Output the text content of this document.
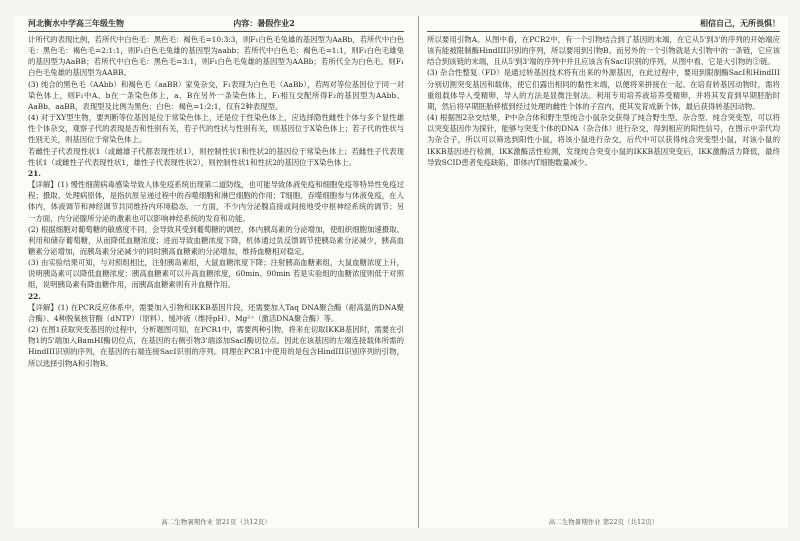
河北衡水中学高三年级生物	内容：暑假作业2

计所代的表现比例，若所代中白色毛：黑色毛：褐色毛=10:3:3，则F₁白色毛兔雄的基因型为AaBb，若所代中白色毛：黑色毛：褐色毛=2:1:1，则F₁白色毛兔雄的基因型为aabb；若所代中白色毛：褐色毛=1:1，则F₁白色毛雄兔的基因型为AaBB；若所代中白色毛：黑色毛=3:1，则F₁白色毛兔雄的基因型为AABb；若所代全为白色毛，则F₁白色毛兔雄的基因型为AABB。

(3) 纯合的黑色毛（AAbb）和褐色毛（aaBB）家兔杂交，F₁表现为白色毛（AaBb），若两对等位基因位于同一对染色体上，则F₁中A、b在一条染色体上，a、B在另外一条染色体上，F₁相互交配所得F₂的基因型为AAbb、AaBb、aaBB，表现型及比例为黑色：白色：褐色=1:2:1，仅有2种表现型。

(4) 对于XY型生物，要判断等位基因是位于常染色体上，还是位于性染色体上，应选择隐性雌性个体与多个显性雄性个体杂交，观察子代的表现是否和性别有关，若子代的性状与性别有关，则基因位于X染色体上；若子代的性状与性别无关，则基因位于常染色体上。

若雌性子代表现性状1（或雌雄子代都表现性状1），则控制性状1和性状2的基因位于常染色体上；若雌性子代表现性状1（或雌性子代表现性状1，雄性子代表现性状2），则控制性状1和性状2的基因位于X染色体上。

21.

【详解】(1) 慢性细菌病毒感染导致人体免疫系统出现第二道防线，也可能导致体液免疫和细胞免疫等特异性免疫过程；摄取、处理病原体，是指抗原呈递过程中的吞噬细胞和淋巴细胞的作用；T细胞、吞噬细胞参与体液免疫，在人体内，体液调节和神经调节共同维持内环境稳态，一方面，不少内分泌腺直接或间接地受中枢神经系统的调节；另一方面，内分泌腺所分泌的激素也可以影响神经系统的发育和功能。

(2) 根据细胞对葡萄糖的敏感度不同，会导致其受到葡萄糖的调控，体内胰岛素的分泌增加，使组织细胞加速摄取、利用和储存葡萄糖，从而降低血糖浓度；进而导致血糖浓度下降，机体通过负反馈调节使胰岛素分泌减少，胰高血糖素分泌增加，而胰岛素分泌减少的同时胰高血糖素的分泌增加，维持血糖相对稳定。

(3) 由实验结果可知，与对照组相比，注射胰岛素组，大鼠血糖浓度下降；注射胰高血糖素组，大鼠血糖浓度上升，说明胰岛素可以降低血糖浓度；胰高血糖素可以升高血糖浓度，60min、90min 若是实验组的血糖浓度则低于对照组，说明胰岛素有降血糖作用，而胰高血糖素则有升血糖作用。

22.

【详解】(1) 在PCR反应体系中，需要加入引物和IKKB基因片段，还需要加入Taq DNA聚合酶（耐高温的DNA聚合酶）、4种脱氧核苷酸（dNTP）（原料）、缓冲液（维持pH）、Mg²⁺（激活DNA聚合酶）等。

(2) 在图1获取突变基因的过程中，分析题图可知，在PCR1中，需要两种引物，将来在切取IKKB基因时，需要在引物1的5'端加入BamHI酶切位点，在基因的右侧引物3'端添加SacI酶切位点。因此在该基因的左端连接载体所需的HindIII识别的序列，在基因的右端连接SacI识别的序列。同理在PCR1中使用的是包含HindIII识别序列的引物，所以选择引物A和引物B。

高二生物暑期作业 第21页（共12页）
相信自己，无所畏惧！

所以要用引物A。从图中看，在PCR2中，有一个引物结合到了基因的末端，在它从5'到3'的序列的开始端应该有能被限制酶HindIII识别的序列，所以要用到引物B。而另外的一个引物就是大引物中的一条链，它应该结合到该链的末端，且从5'到3'端的序列中并且应该含有SacI识别的序列，从图中看，它是大引物的②链。

(3) 杂合性整复（FD）是通过转基因技术将有出来的外源基因，在此过程中，要用到限制酶SacI和HindIII分别切割突变基因和载体，使它们露出相同的黏性末端，以便将来拼接在一起。在培育转基因动物时，需将重组载体导入受精卵，导入的方法是显微注射法。利用专用培养液培养受精卵，并将其发育到早期胚胎时期，然后将早期胚胎移植到经过处理的雌性个体的子宫内，使其发育成新个体，最后获得转基因动物。

(4) 根据图2杂交结果，P中杂合体和野生型纯合小鼠杂交获得了纯合野生型、杂合型、纯合突变型，可以将以突变基因作为探针，能够与突变个体的DNA（杂合体）进行杂交，得到相应的阳性信号，在图示中亲代均为杂合子，所以可以筛选到阳性小鼠，将该小鼠进行杂交，后代中可以获得纯合突变型小鼠，对该小鼠的IKKB基因进行检测，IKK激酶活性检测，发现纯合突变小鼠的IKKB基因突变后，IKK激酶活力降低，最终导致SCID患者免疫缺陷，即体内T细胞数量减少。

高二生物暑期作业 第22页（共12页）
